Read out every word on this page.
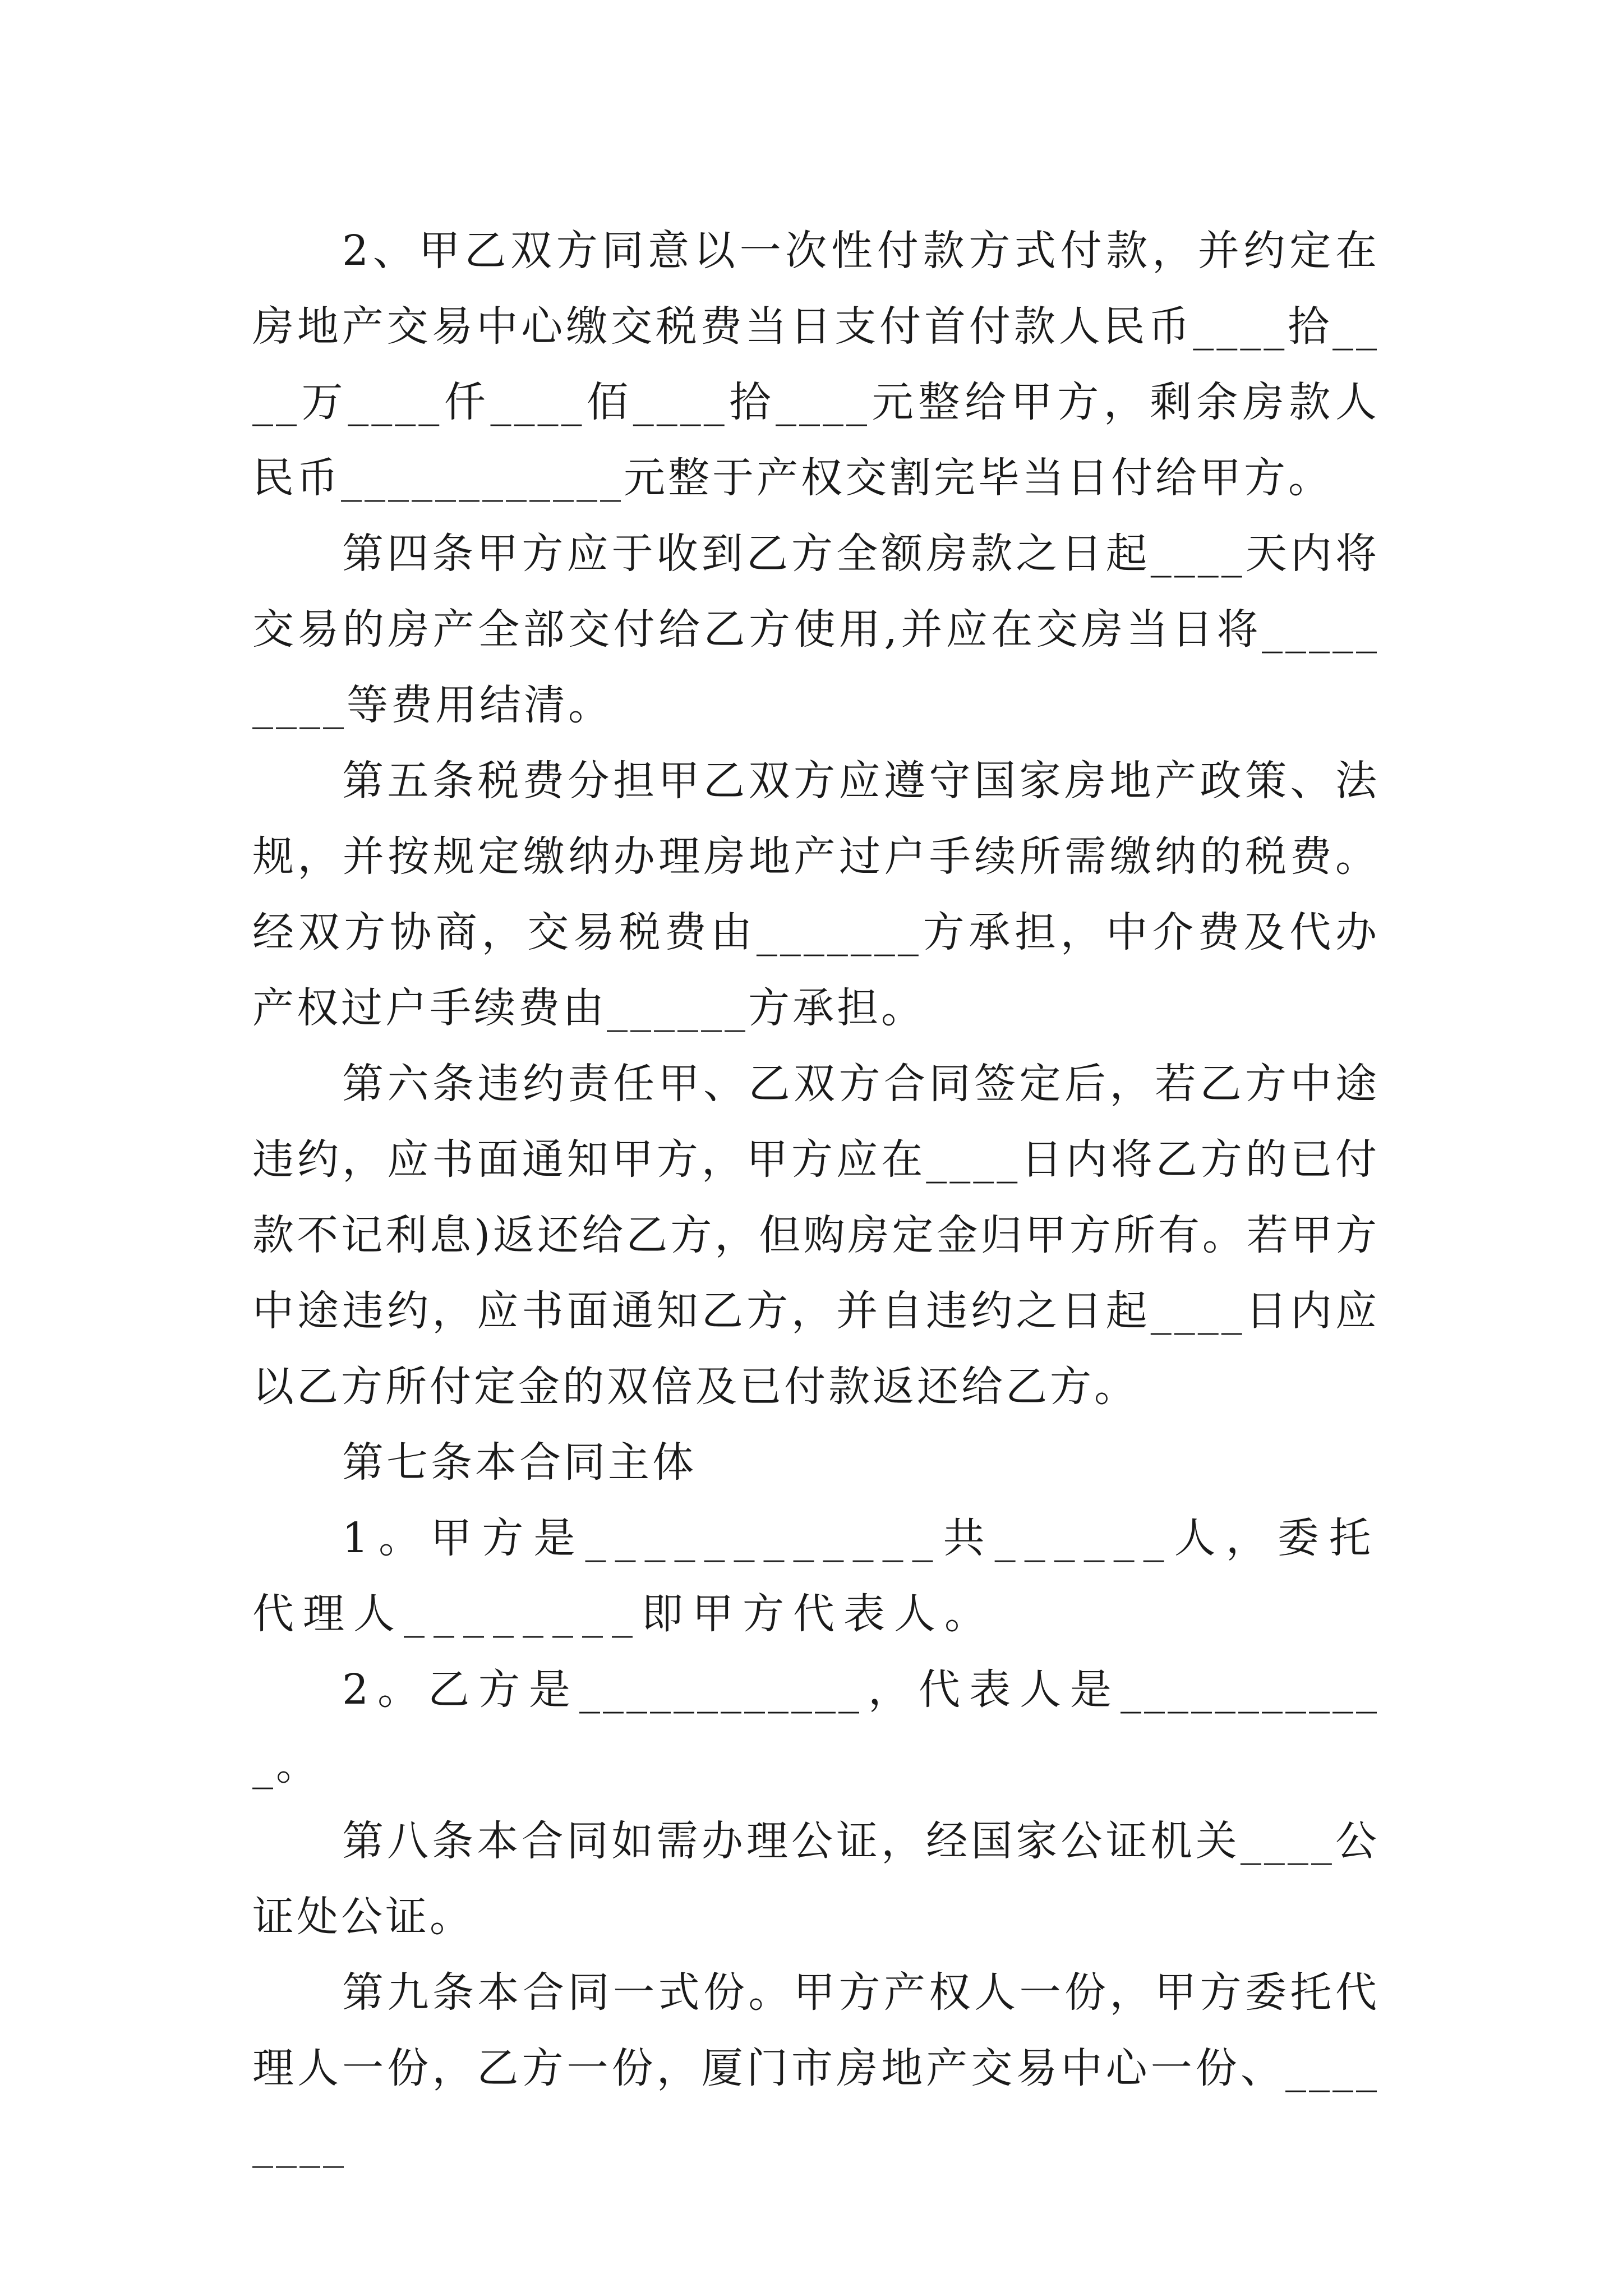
2、甲乙双方同意以一次性付款方式付款，并约定在房地产交易中心缴交税费当日支付首付款人民币____拾____万____仟____佰____拾____元整给甲方，剩余房款人民币____________元整于产权交割完毕当日付给甲方。

第四条甲方应于收到乙方全额房款之日起____天内将交易的房产全部交付给乙方使用,并应在交房当日将_________等费用结清。

第五条税费分担甲乙双方应遵守国家房地产政策、法规，并按规定缴纳办理房地产过户手续所需缴纳的税费。经双方协商，交易税费由_______方承担，中介费及代办产权过户手续费由______方承担。

第六条违约责任甲、乙双方合同签定后，若乙方中途违约，应书面通知甲方，甲方应在____日内将乙方的已付款不记利息)返还给乙方，但购房定金归甲方所有。若甲方中途违约，应书面通知乙方，并自违约之日起____日内应以乙方所付定金的双倍及已付款返还给乙方。

第七条本合同主体

1。甲方是____________共______人，委托代理人________即甲方代表人。

2。乙方是____________，代表人是____________。

第八条本合同如需办理公证，经国家公证机关____公证处公证。

第九条本合同一式份。甲方产权人一份，甲方委托代理人一份，乙方一份，厦门市房地产交易中心一份、________
